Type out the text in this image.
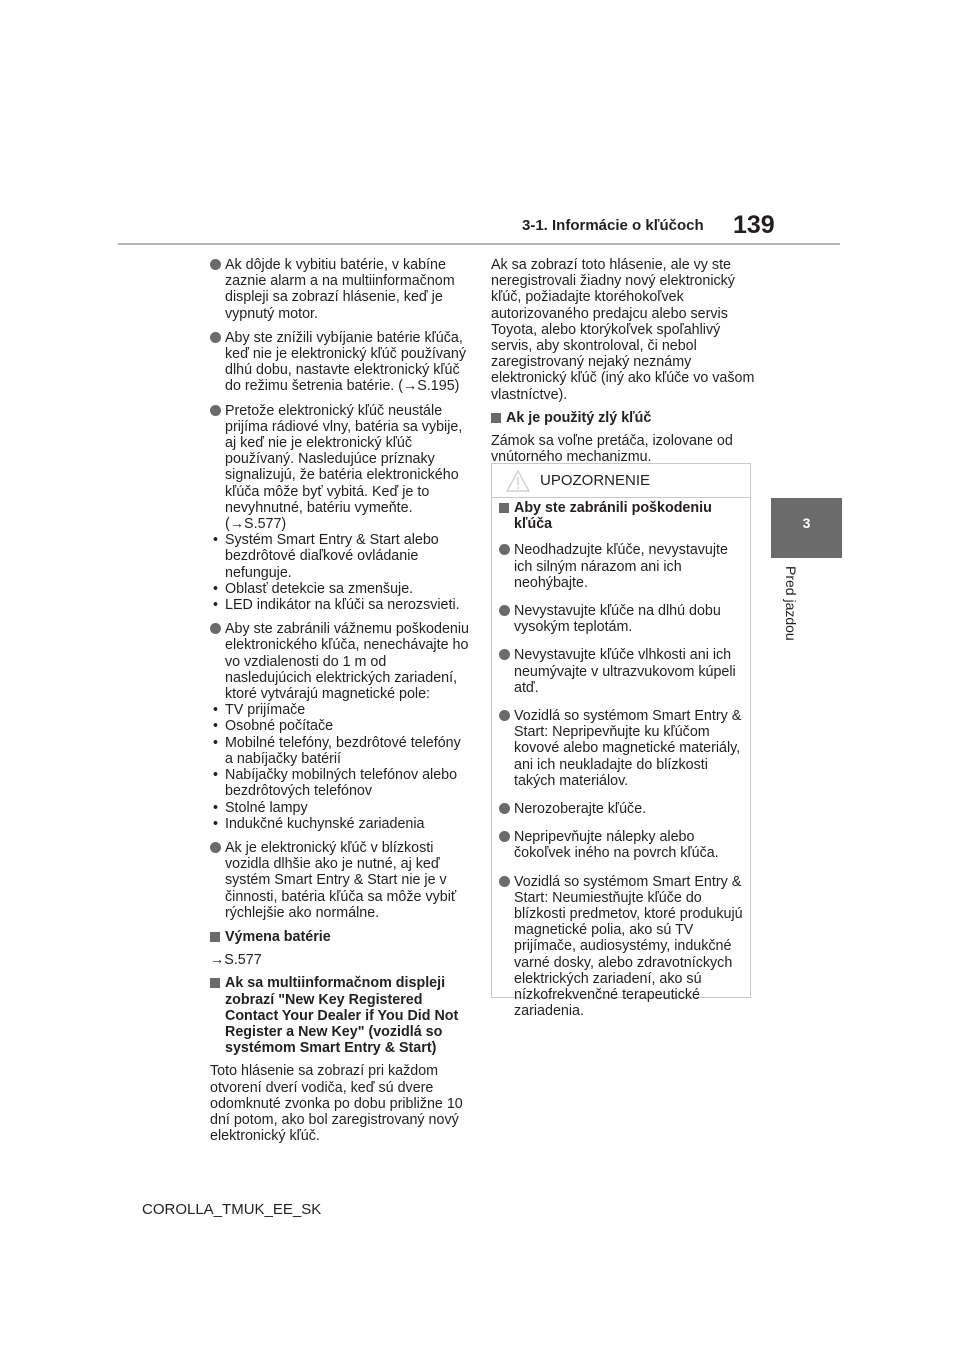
3-1. Informácie o kľúčoch 139
3
Pred jazdou
Ak dôjde k vybitiu batérie, v kabíne zaznie alarm a na multiinformačnom displeji sa zobrazí hlásenie, keď je vypnutý motor.
Aby ste znížili vybíjanie batérie kľúča, keď nie je elektronický kľúč používaný dlhú dobu, nastavte elektronický kľúč do režimu šetrenia batérie. (→S.195)
Pretože elektronický kľúč neustále prijíma rádiové vlny, batéria sa vybije, aj keď nie je elektronický kľúč používaný. Nasledujúce príznaky signalizujú, že batéria elektronického kľúča môže byť vybitá. Keď je to nevyhnutné, batériu vymeňte. (→S.577)
• Systém Smart Entry & Start alebo bezdrôtové diaľkové ovládanie nefunguje.
• Oblasť detekcie sa zmenšuje.
• LED indikátor na kľúči sa nerozsvieti.
Aby ste zabránili vážnemu poškodeniu elektronického kľúča, nenechávajte ho vo vzdialenosti do 1 m od nasledujúcich elektrických zariadení, ktoré vytvárajú magnetické pole:
• TV prijímače
• Osobné počítače
• Mobilné telefóny, bezdrôtové telefóny a nabíjačky batérií
• Nabíjačky mobilných telefónov alebo bezdrôtových telefónov
• Stolné lampy
• Indukčné kuchynské zariadenia
Ak je elektronický kľúč v blízkosti vozidla dlhšie ako je nutné, aj keď systém Smart Entry & Start nie je v činnosti, batéria kľúča sa môže vybiť rýchlejšie ako normálne.
Výmena batérie
→S.577
Ak sa multiinformačnom displeji zobrazí "New Key Registered Contact Your Dealer if You Did Not Register a New Key" (vozidlá so systémom Smart Entry & Start)
Toto hlásenie sa zobrazí pri každom otvorení dverí vodiča, keď sú dvere odomknuté zvonka po dobu približne 10 dní potom, ako bol zaregistrovaný nový elektronický kľúč.
Ak sa zobrazí toto hlásenie, ale vy ste neregistrovali žiadny nový elektronický kľúč, požiadajte ktoréhokoľvek autorizovaného predajcu alebo servis Toyota, alebo ktorýkoľvek spoľahlivý servis, aby skontroloval, či nebol zaregistrovaný nejaký neznámy elektronický kľúč (iný ako kľúče vo vašom vlastníctve).
Ak je použitý zlý kľúč
Zámok sa voľne pretáča, izolovane od vnútorného mechanizmu.
UPOZORNENIE
Aby ste zabránili poškodeniu kľúča
Neodhadzujte kľúče, nevystavujte ich silným nárazom ani ich neohýbajte.
Nevystavujte kľúče na dlhú dobu vysokým teplotám.
Nevystavujte kľúče vlhkosti ani ich neumývajte v ultrazvukovom kúpeli atď.
Vozidlá so systémom Smart Entry & Start: Nepripevňujte ku kľúčom kovové alebo magnetické materiály, ani ich neukladajte do blízkosti takých materiálov.
Nerozoberajte kľúče.
Nepripevňujte nálepky alebo čokoľvek iného na povrch kľúča.
Vozidlá so systémom Smart Entry & Start: Neumiestňujte kľúče do blízkosti predmetov, ktoré produkujú magnetické polia, ako sú TV prijímače, audiosystémy, indukčné varné dosky, alebo zdravotníckych elektrických zariadení, ako sú nízkofrekvenčné terapeutické zariadenia.
COROLLA_TMUK_EE_SK
